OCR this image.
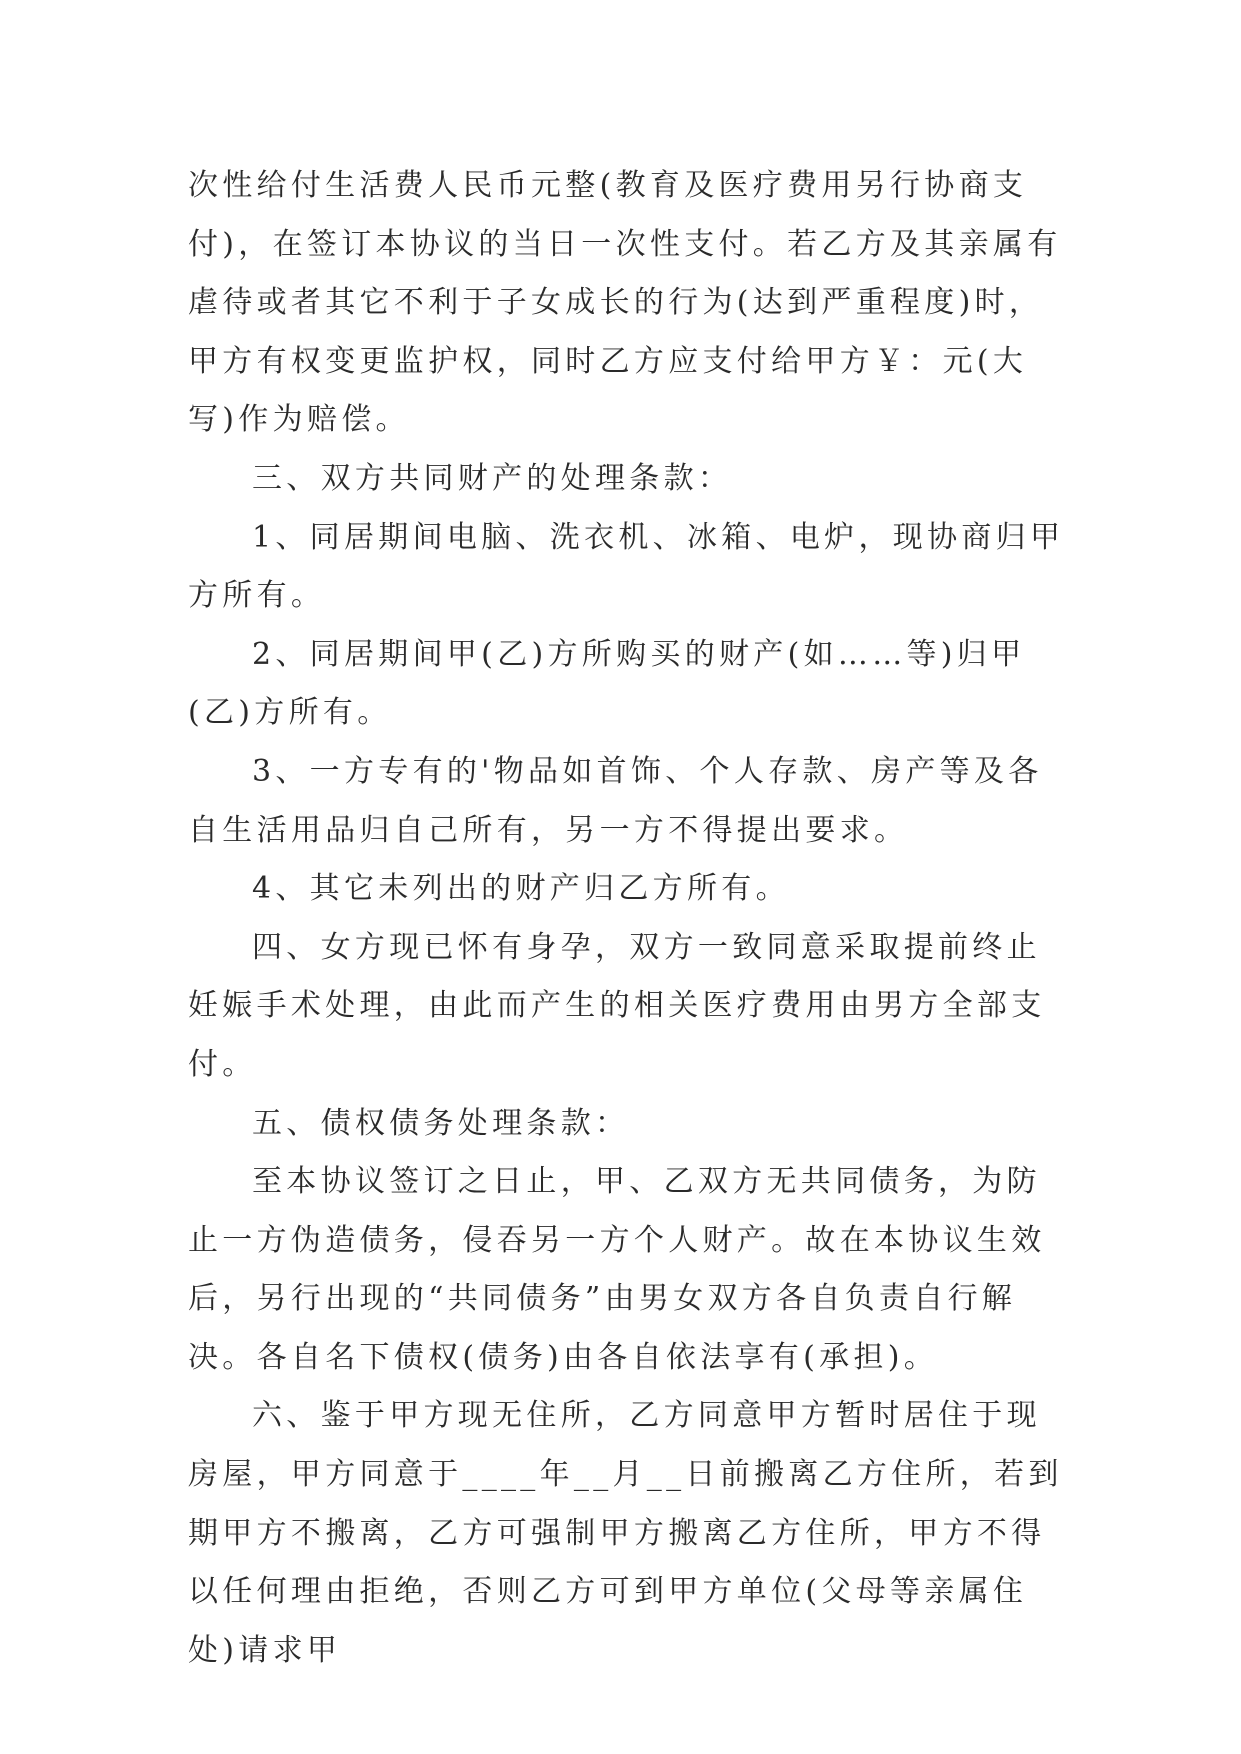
次性给付生活费人民币元整(教育及医疗费用另行协商支付)，在签订本协议的当日一次性支付。若乙方及其亲属有虐待或者其它不利于子女成长的行为(达到严重程度)时，甲方有权变更监护权，同时乙方应支付给甲方￥：元(大写)作为赔偿。

三、双方共同财产的处理条款：

1、同居期间电脑、洗衣机、冰箱、电炉，现协商归甲方所有。

2、同居期间甲(乙)方所购买的财产(如……等)归甲(乙)方所有。

3、一方专有的'物品如首饰、个人存款、房产等及各自生活用品归自己所有，另一方不得提出要求。

4、其它未列出的财产归乙方所有。

四、女方现已怀有身孕，双方一致同意采取提前终止妊娠手术处理，由此而产生的相关医疗费用由男方全部支付。

五、债权债务处理条款：

至本协议签订之日止，甲、乙双方无共同债务，为防止一方伪造债务，侵吞另一方个人财产。故在本协议生效后，另行出现的“共同债务”由男女双方各自负责自行解决。各自名下债权(债务)由各自依法享有(承担)。

六、鉴于甲方现无住所，乙方同意甲方暂时居住于现房屋，甲方同意于____年__月__日前搬离乙方住所，若到期甲方不搬离，乙方可强制甲方搬离乙方住所，甲方不得以任何理由拒绝，否则乙方可到甲方单位(父母等亲属住处)请求甲
